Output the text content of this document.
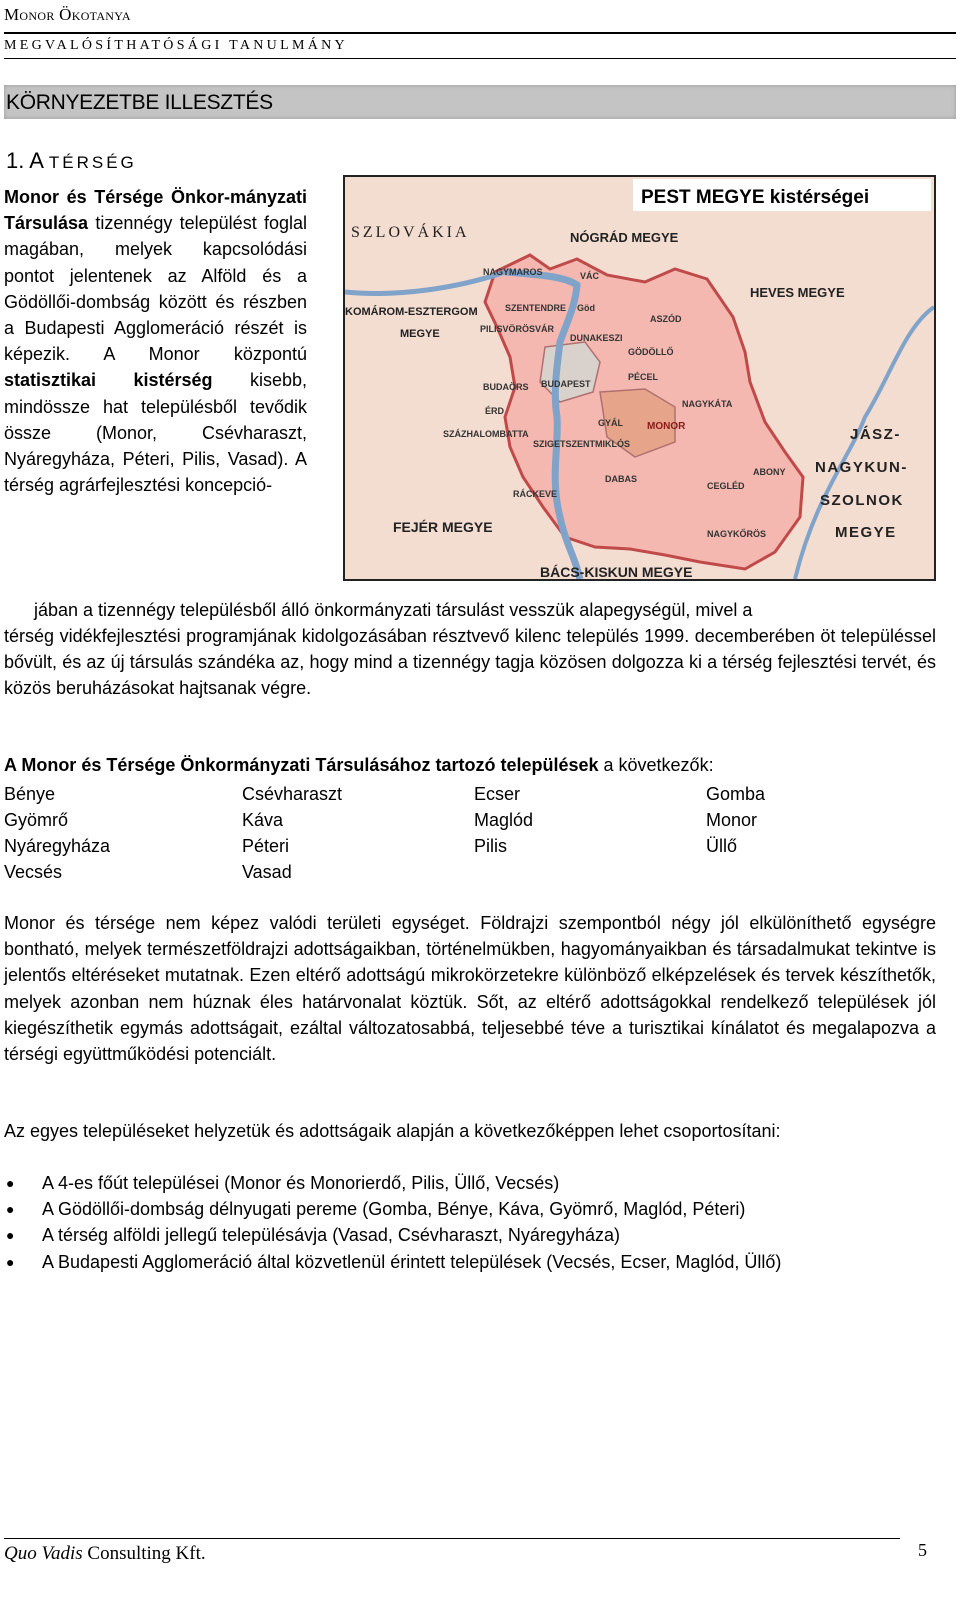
Monor Ökotanya
MEGVALÓSÍTHATÓSÁGI TANULMÁNY
KÖRNYEZETBE ILLESZTÉS
1. A TÉRSÉG
Monor és Térsége Önkor-mányzati Társulása tizennégy települést foglal magában, melyek kapcsolódási pontot jelentenek az Alföld és a Gödöllői-dombság között és részben a Budapesti Agglomeráció részét is képezik. A Monor központú statisztikai kistérség kisebb, mindössze hat településből tevődik össze (Monor, Csévharaszt, Nyáregyháza, Péteri, Pilis, Vasad). A térség agrárfejlesztési koncepció-
PEST MEGYE kistérségei
SZLOVÁKIA	NÓGRÁD MEGYE
HEVES MEGYE
KOMÁROM-ESZTERGOM
MEGYE
JÁSZ-
NAGYKUN-
SZOLNOK
MEGYE
FEJÉR MEGYE
BÁCS-KISKUN MEGYE
NAGYMAROS	VÁC
SZENTENDRE Göd
ASZÓD
PILISVÖRÖSVÁR
DUNAKESZI
GÖDÖLLŐ
BUDAÖRS
ÉRD
PÉCEL
BUDAPEST
NAGYKÁTA
GYÁL MONOR
SZÁZHALOMBATTA
SZIGETSZENTMIKLÓS
DABAS
ABONY
CEGLÉD
RÁCKEVE
NAGYKŐRÖS
jában a tizennégy településből álló önkormányzati társulást vesszük alapegységül, mivel a
térség vidékfejlesztési programjának kidolgozásában résztvevő kilenc település 1999. decemberében öt településsel bővült, és az új társulás szándéka az, hogy mind a tizennégy tagja közösen dolgozza ki a térség fejlesztési tervét, és közös beruházásokat hajtsanak végre.
A Monor és Térsége Önkormányzati Társulásához tartozó települések a következők:
Bénye	Csévharaszt	Ecser	Gomba
Gyömrő	Káva	Maglód	Monor
Nyáregyháza	Péteri	Pilis	Üllő
Vecsés	Vasad
Monor és térsége nem képez valódi területi egységet. Földrajzi szempontból négy jól elkülöníthető egységre bontható, melyek természetföldrajzi adottságaikban, történelmükben, hagyományaikban és társadalmukat tekintve is jelentős eltéréseket mutatnak. Ezen eltérő adottságú mikrokörzetekre különböző elképzelések és tervek készíthetők, melyek azonban nem húznak éles határvonalat köztük. Sőt, az eltérő adottságokkal rendelkező települések jól kiegészíthetik egymás adottságait, ezáltal változatosabbá, teljesebbé téve a turisztikai kínálatot és megalapozva a térségi együttműködési potenciált.
Az egyes településeket helyzetük és adottságaik alapján a következőképpen lehet csoportosítani:
●	A 4-es főút települései (Monor és Monorierdő, Pilis, Üllő, Vecsés)
●	A Gödöllői-dombság délnyugati pereme (Gomba, Bénye, Káva, Gyömrő, Maglód, Péteri)
●	A térség alföldi jellegű településávja (Vasad, Csévharaszt, Nyáregyháza)
●	A Budapesti Agglomeráció által közvetlenül érintett települések (Vecsés, Ecser, Maglód, Üllő)
Quo Vadis Consulting Kft.	5
